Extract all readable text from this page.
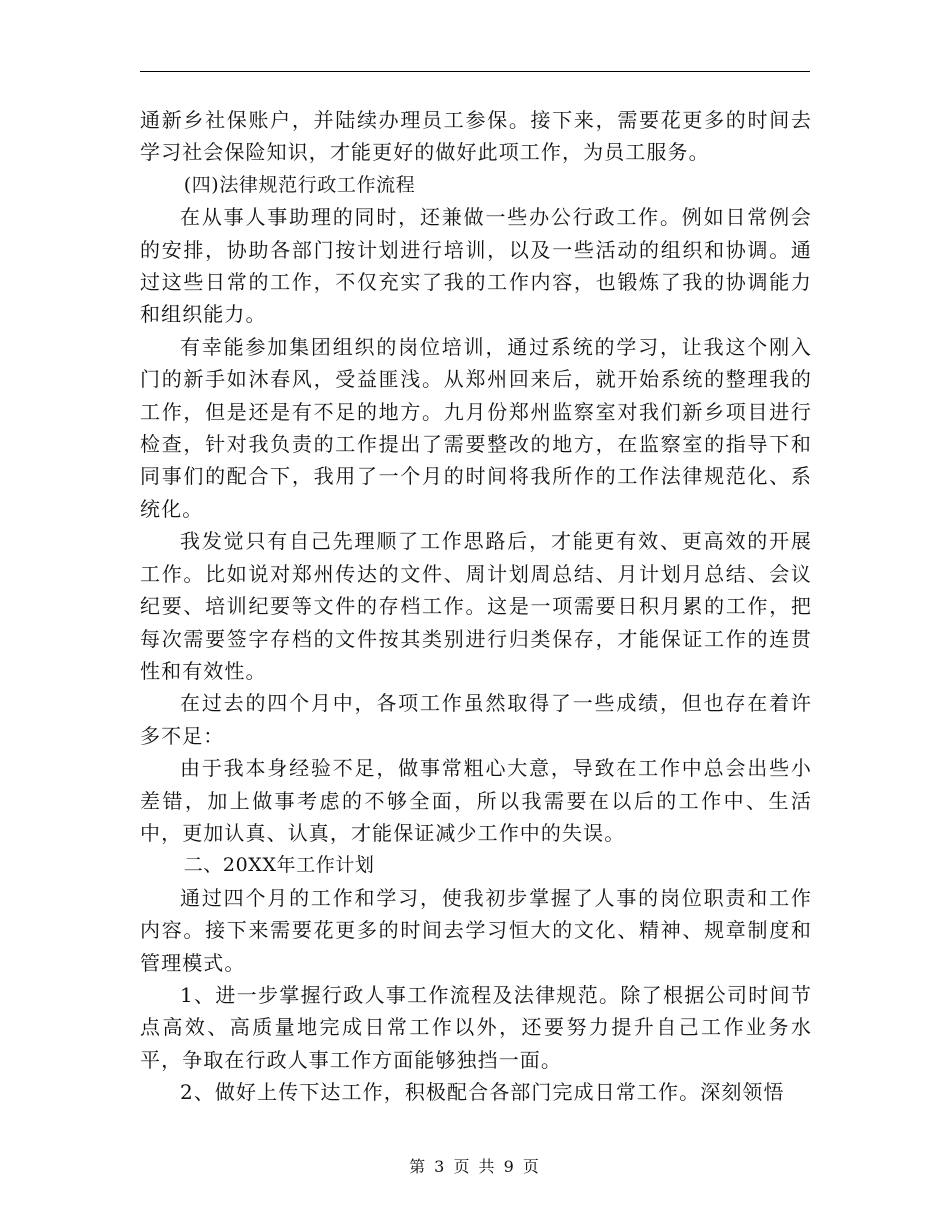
通新乡社保账户，并陆续办理员工参保。接下来，需要花更多的时间去学习社会保险知识，才能更好的做好此项工作，为员工服务。

(四)法律规范行政工作流程

在从事人事助理的同时，还兼做一些办公行政工作。例如日常例会的安排，协助各部门按计划进行培训，以及一些活动的组织和协调。通过这些日常的工作，不仅充实了我的工作内容，也锻炼了我的协调能力和组织能力。

有幸能参加集团组织的岗位培训，通过系统的学习，让我这个刚入门的新手如沐春风，受益匪浅。从郑州回来后，就开始系统的整理我的工作，但是还是有不足的地方。九月份郑州监察室对我们新乡项目进行检查，针对我负责的工作提出了需要整改的地方，在监察室的指导下和同事们的配合下，我用了一个月的时间将我所作的工作法律规范化、系统化。

我发觉只有自己先理顺了工作思路后，才能更有效、更高效的开展工作。比如说对郑州传达的文件、周计划周总结、月计划月总结、会议纪要、培训纪要等文件的存档工作。这是一项需要日积月累的工作，把每次需要签字存档的文件按其类别进行归类保存，才能保证工作的连贯性和有效性。

在过去的四个月中，各项工作虽然取得了一些成绩，但也存在着许多不足：

由于我本身经验不足，做事常粗心大意，导致在工作中总会出些小差错，加上做事考虑的不够全面，所以我需要在以后的工作中、生活中，更加认真、认真，才能保证减少工作中的失误。

二、20XX年工作计划

通过四个月的工作和学习，使我初步掌握了人事的岗位职责和工作内容。接下来需要花更多的时间去学习恒大的文化、精神、规章制度和管理模式。

1、进一步掌握行政人事工作流程及法律规范。除了根据公司时间节点高效、高质量地完成日常工作以外，还要努力提升自己工作业务水平，争取在行政人事工作方面能够独挡一面。

2、做好上传下达工作，积极配合各部门完成日常工作。深刻领悟

第 3 页 共 9 页
